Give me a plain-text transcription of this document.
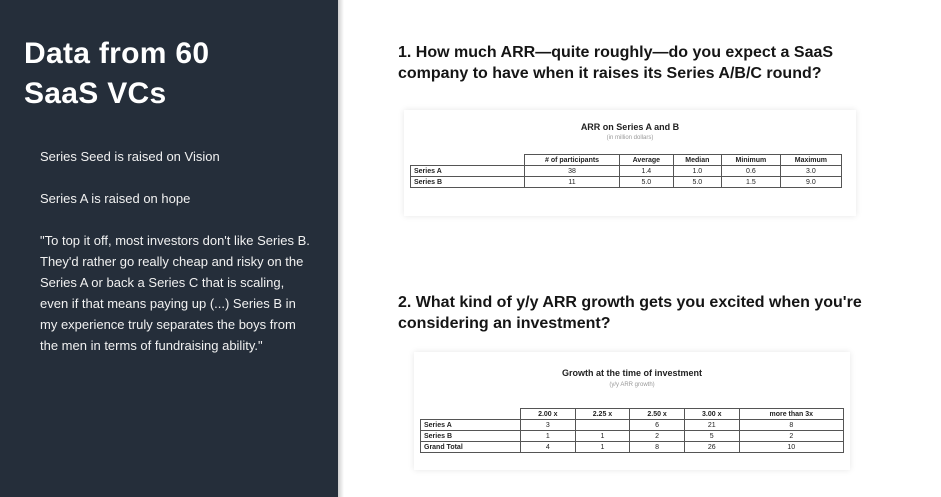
Data from 60
SaaS VCs
Series Seed is raised on Vision
Series A is raised on hope
"To top it off, most investors don't like Series B. They'd rather go really cheap and risky on the Series A or back a Series C that is scaling, even if that means paying up (...) Series B in my experience truly separates the boys from the men in terms of fundraising ability."
1. How much ARR—quite roughly—do you expect a SaaS company to have when it raises its Series A/B/C round?
ARR on Series A and B
(in million dollars)
	# of participants	Average	Median	Minimum	Maximum
Series A	38	1.4	1.0	0.6	3.0
Series B	11	5.0	5.0	1.5	9.0
2. What kind of y/y ARR growth gets you excited when you're considering an investment?
Growth at the time of investment
(y/y ARR growth)
	2.00 x	2.25 x	2.50 x	3.00 x	more than 3x
Series A	3		6	21	8
Series B	1	1	2	5	2
Grand Total	4	1	8	26	10
